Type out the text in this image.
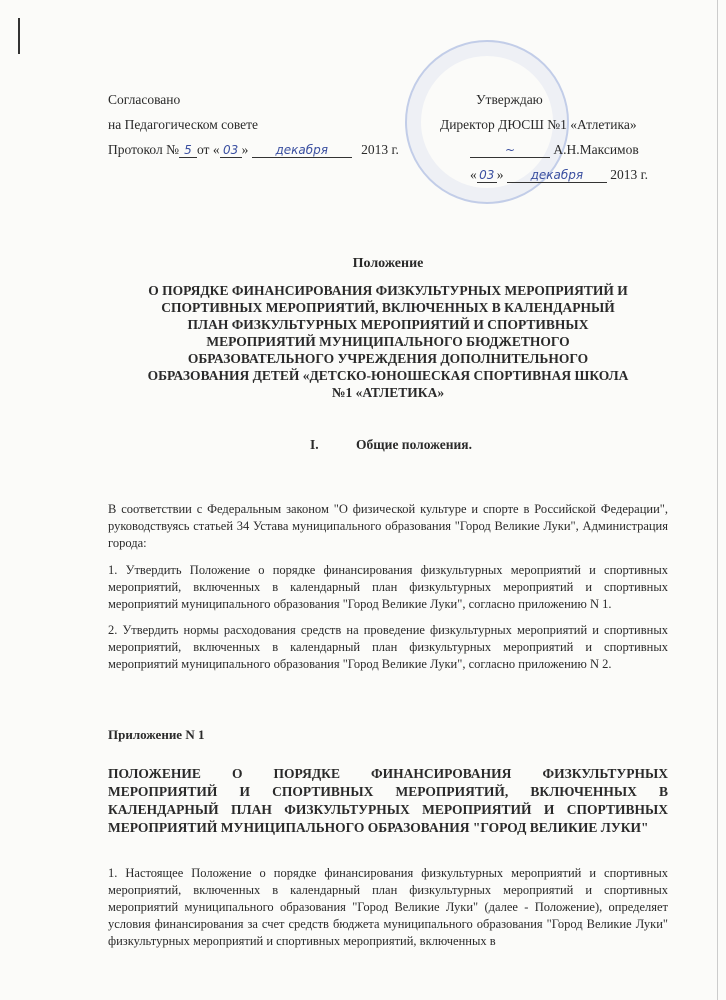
Согласовано
на Педагогическом совете
Протокол № 5 от « 03 » декабря 2013 г.
Утверждаю
Директор ДЮСШ №1 «Атлетика»
~	А.Н.Максимов
« 03 » декабря 2013 г.
Положение
О ПОРЯДКЕ ФИНАНСИРОВАНИЯ ФИЗКУЛЬТУРНЫХ МЕРОПРИЯТИЙ И СПОРТИВНЫХ МЕРОПРИЯТИЙ, ВКЛЮЧЕННЫХ В КАЛЕНДАРНЫЙ ПЛАН ФИЗКУЛЬТУРНЫХ МЕРОПРИЯТИЙ И СПОРТИВНЫХ МЕРОПРИЯТИЙ МУНИЦИПАЛЬНОГО БЮДЖЕТНОГО ОБРАЗОВАТЕЛЬНОГО УЧРЕЖДЕНИЯ ДОПОЛНИТЕЛЬНОГО ОБРАЗОВАНИЯ ДЕТЕЙ «ДЕТСКО-ЮНОШЕСКАЯ СПОРТИВНАЯ ШКОЛА №1 «АТЛЕТИКА»
I.	Общие положения.
В соответствии с Федеральным законом "О физической культуре и спорте в Российской Федерации", руководствуясь статьей 34 Устава муниципального образования "Город Великие Луки", Администрация города:
1. Утвердить Положение о порядке финансирования физкультурных мероприятий и спортивных мероприятий, включенных в календарный план физкультурных мероприятий и спортивных мероприятий муниципального образования "Город Великие Луки", согласно приложению N 1.
2. Утвердить нормы расходования средств на проведение физкультурных мероприятий и спортивных мероприятий, включенных в календарный план физкультурных мероприятий и спортивных мероприятий муниципального образования "Город Великие Луки", согласно приложению N 2.
Приложение N 1
ПОЛОЖЕНИЕ О ПОРЯДКЕ ФИНАНСИРОВАНИЯ ФИЗКУЛЬТУРНЫХ МЕРОПРИЯТИЙ И СПОРТИВНЫХ МЕРОПРИЯТИЙ, ВКЛЮЧЕННЫХ В КАЛЕНДАРНЫЙ ПЛАН ФИЗКУЛЬТУРНЫХ МЕРОПРИЯТИЙ И СПОРТИВНЫХ МЕРОПРИЯТИЙ МУНИЦИПАЛЬНОГО ОБРАЗОВАНИЯ "ГОРОД ВЕЛИКИЕ ЛУКИ"
1. Настоящее Положение о порядке финансирования физкультурных мероприятий и спортивных мероприятий, включенных в календарный план физкультурных мероприятий и спортивных мероприятий муниципального образования "Город Великие Луки" (далее - Положение), определяет условия финансирования за счет средств бюджета муниципального образования "Город Великие Луки" физкультурных мероприятий и спортивных мероприятий, включенных в
